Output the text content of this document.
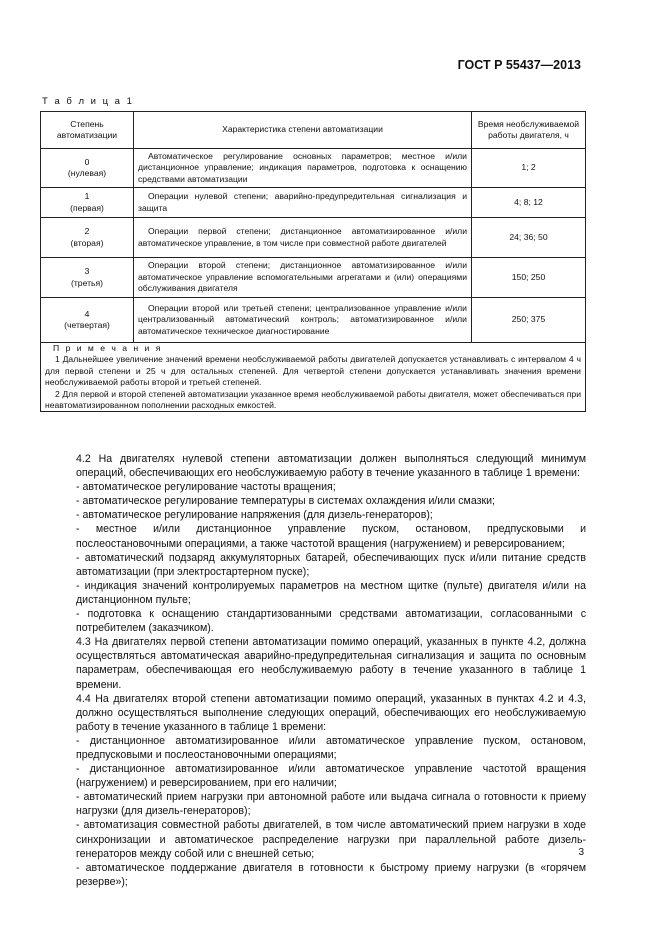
ГОСТ Р 55437—2013
Т а б л и ц а 1
Степень автоматизации	Характеристика степени автоматизации	Время необслуживаемой работы двигателя, ч

0
(нулевая)	Автоматическое регулирование основных параметров; местное и/или дистанционное управление; индикация параметров, подготовка к оснащению средствами автоматизации	1; 2

1
(первая)	Операции нулевой степени; аварийно-предупредительная сигнализация и защита	4; 8; 12

2
(вторая)	Операции первой степени; дистанционное автоматизированное и/или автоматическое управление, в том числе при совместной работе двигателей	24; 36; 50

3
(третья)	Операции второй степени; дистанционное автоматизированное и/или автоматическое управление вспомогательными агрегатами и (или) операциями обслуживания двигателя	150; 250

4
(четвертая)	Операции второй или третьей степени; централизованное управление и/или централизованный автоматический контроль; автоматизированное и/или автоматическое техническое диагностирование	250; 375

П р и м е ч а н и я
1 Дальнейшее увеличение значений времени необслуживаемой работы двигателей допускается устанавливать с интервалом 4 ч для первой степени и 25 ч для остальных степеней. Для четвертой степени допускается устанавливать значения времени необслуживаемой работы второй и третьей степеней.
2 Для первой и второй степеней автоматизации указанное время необслуживаемой работы двигателя, может обеспечиваться при неавтоматизированном пополнении расходных емкостей.		

4.2 На двигателях нулевой степени автоматизации должен выполняться следующий минимум операций, обеспечивающих его необслуживаемую работу в течение указанного в таблице 1 времени:

- автоматическое регулирование частоты вращения;

- автоматическое регулирование температуры в системах охлаждения и/или смазки;

- автоматическое регулирование напряжения (для дизель-генераторов);

- местное и/или дистанционное управление пуском, остановом, предпусковыми и послеостановочными операциями, а также частотой вращения (нагружением) и реверсированием;

- автоматический подзаряд аккумуляторных батарей, обеспечивающих пуск и/или питание средств автоматизации (при электростартерном пуске);

- индикация значений контролируемых параметров на местном щитке (пульте) двигателя и/или на дистанционном пульте;

- подготовка к оснащению стандартизованными средствами автоматизации, согласованными с потребителем (заказчиком).

4.3 На двигателях первой степени автоматизации помимо операций, указанных в пункте 4.2, должна осуществляться автоматическая аварийно-предупредительная сигнализация и защита по основным параметрам, обеспечивающая его необслуживаемую работу в течение указанного в таблице 1 времени.

4.4 На двигателях второй степени автоматизации помимо операций, указанных в пунктах 4.2 и 4.3, должно осуществляться выполнение следующих операций, обеспечивающих его необслуживаемую работу в течение указанного в таблице 1 времени:

- дистанционное автоматизированное и/или автоматическое управление пуском, остановом, предпусковыми и послеостановочными операциями;

- дистанционное автоматизированное и/или автоматическое управление частотой вращения (нагружением) и реверсированием, при его наличии;

- автоматический прием нагрузки при автономной работе или выдача сигнала о готовности к приему нагрузки (для дизель-генераторов);

- автоматизация совместной работы двигателей, в том числе автоматический прием нагрузки в ходе синхронизации и автоматическое распределение нагрузки при параллельной работе дизель-генераторов между собой или с внешней сетью;

- автоматическое поддержание двигателя в готовности к быстрому приему нагрузки (в «горячем резерве»);

3
